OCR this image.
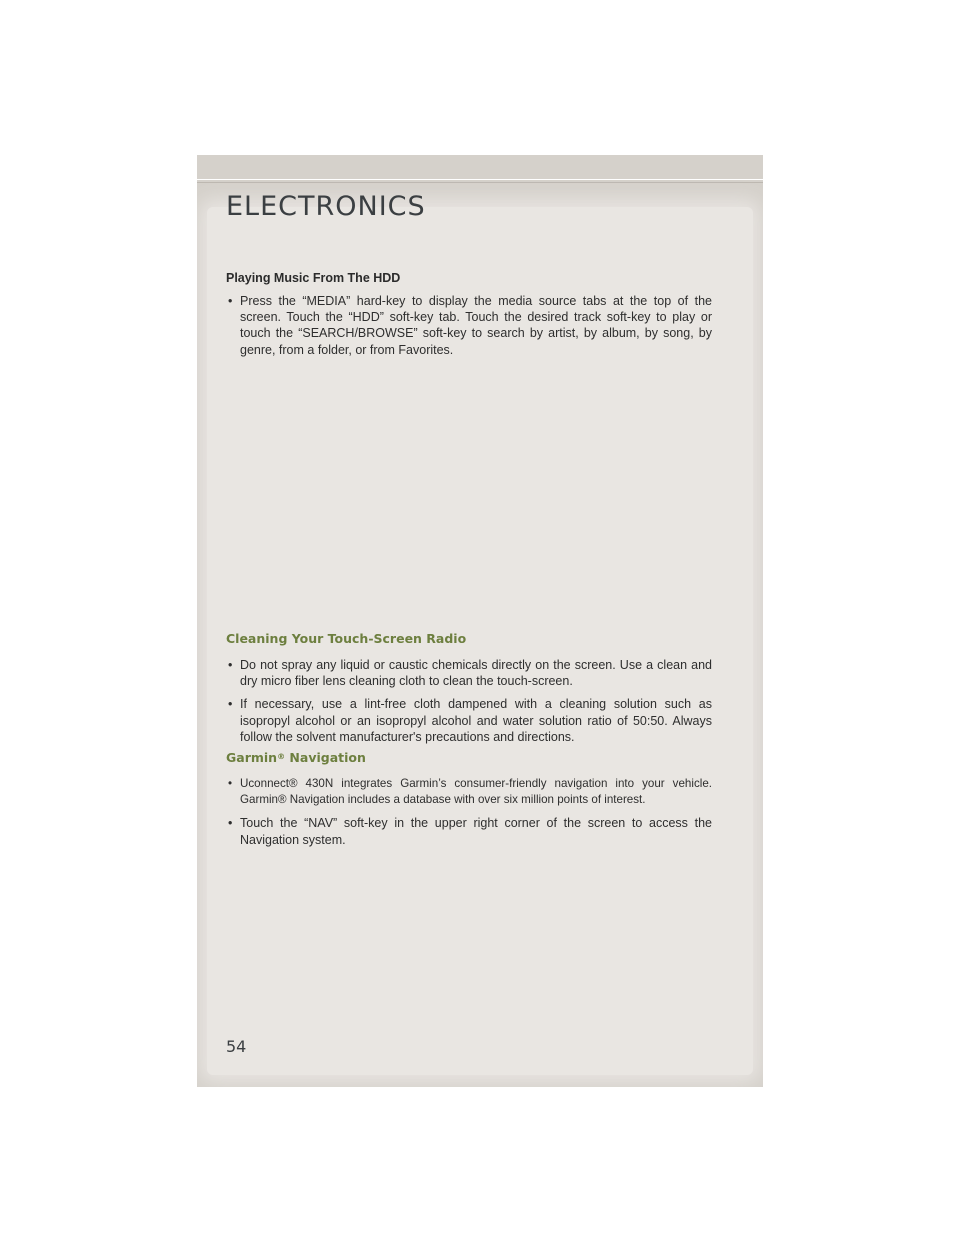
ELECTRONICS
Playing Music From The HDD
• Press the “MEDIA” hard-key to display the media source tabs at the top of the screen. Touch the “HDD” soft-key tab. Touch the desired track soft-key to play or touch the “SEARCH/BROWSE” soft-key to search by artist, by album, by song, by genre, from a folder, or from Favorites.
Cleaning Your Touch-Screen Radio
• Do not spray any liquid or caustic chemicals directly on the screen. Use a clean and dry micro fiber lens cleaning cloth to clean the touch-screen.
• If necessary, use a lint-free cloth dampened with a cleaning solution such as isopropyl alcohol or an isopropyl alcohol and water solution ratio of 50:50. Always follow the solvent manufacturer's precautions and directions.
Garmin® Navigation
• Uconnect® 430N integrates Garmin’s consumer-friendly navigation into your vehicle. Garmin® Navigation includes a database with over six million points of interest.
• Touch the “NAV” soft-key in the upper right corner of the screen to access the Navigation system.
54
